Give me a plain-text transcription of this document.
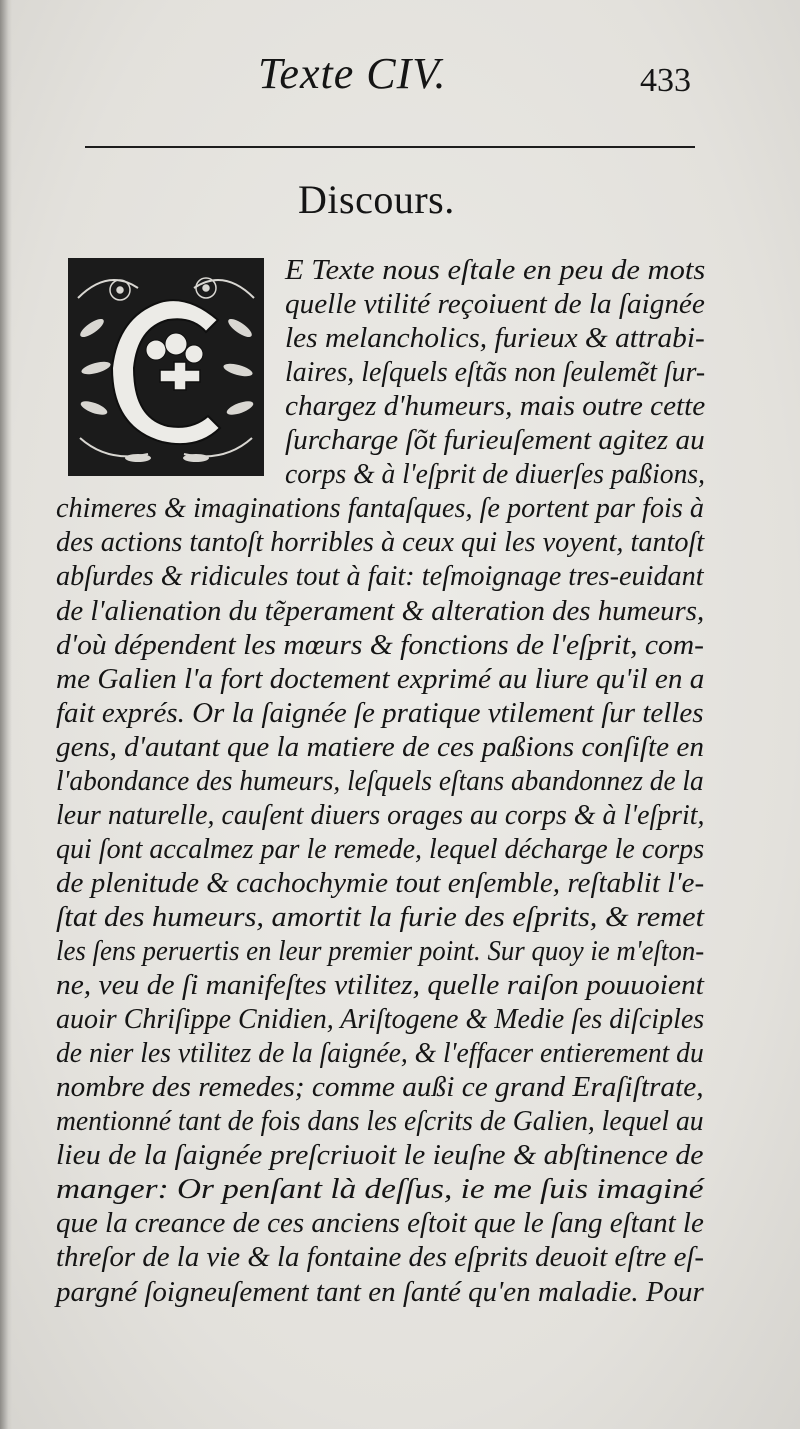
Texte CIV.	433
Discours.
E Texte nous eſtale en peu de mots
quelle vtilité reçoiuent de la ſaignée
les melancholics, furieux & attrabi-
laires, leſquels eſtãs non ſeulemẽt ſur-
chargez d'humeurs, mais outre cette
ſurcharge ſõt furieuſement agitez au
corps & à l'eſprit de diuerſes paßions,
chimeres & imaginations fantaſques, ſe portent par fois à
des actions tantoſt horribles à ceux qui les voyent, tantoſt
abſurdes & ridicules tout à fait: teſmoignage tres-euidant
de l'alienation du tẽperament & alteration des humeurs,
d'où dépendent les mœurs & fonctions de l'eſprit, com-
me Galien l'a fort doctement exprimé au liure qu'il en a
fait exprés. Or la ſaignée ſe pratique vtilement ſur telles
gens, d'autant que la matiere de ces paßions conſiſte en
l'abondance des humeurs, leſquels eſtans abandonnez de la
leur naturelle, cauſent diuers orages au corps & à l'eſprit,
qui ſont accalmez par le remede, lequel décharge le corps
de plenitude & cachochymie tout enſemble, reſtablit l'e-
ſtat des humeurs, amortit la furie des eſprits, & remet
les ſens peruertis en leur premier point. Sur quoy ie m'eſton-
ne, veu de ſi manifeſtes vtilitez, quelle raiſon pouuoient
auoir Chriſippe Cnidien, Ariſtogene & Medie ſes diſciples
de nier les vtilitez de la ſaignée, & l'effacer entierement du
nombre des remedes; comme außi ce grand Eraſiſtrate,
mentionné tant de fois dans les eſcrits de Galien, lequel au
lieu de la ſaignée preſcriuoit le ieuſne & abſtinence de
manger: Or penſant là deſſus, ie me ſuis imaginé
que la creance de ces anciens eſtoit que le ſang eſtant le
threſor de la vie & la fontaine des eſprits deuoit eſtre eſ-
pargné ſoigneuſement tant en ſanté qu'en maladie. Pour
